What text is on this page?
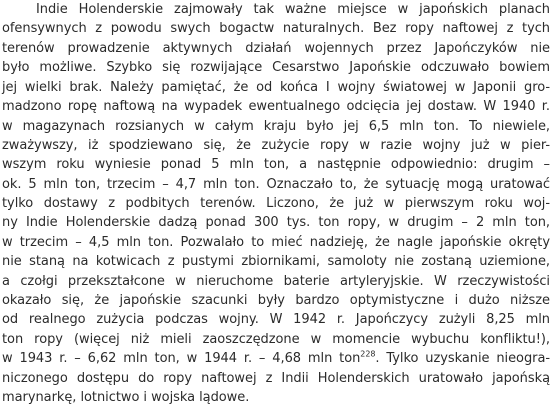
Indie Holenderskie zajmowały tak ważne miejsce w japońskich planach
ofensywnych z powodu swych bogactw naturalnych. Bez ropy naftowej z tych
terenów prowadzenie aktywnych działań wojennych przez Japończyków nie
było możliwe. Szybko się rozwijające Cesarstwo Japońskie odczuwało bowiem
jej wielki brak. Należy pamiętać, że od końca I wojny światowej w Japonii gro-
madzono ropę naftową na wypadek ewentualnego odcięcia jej dostaw. W 1940 r.
w magazynach rozsianych w całym kraju było jej 6,5 mln ton. To niewiele,
zważywszy, iż spodziewano się, że zużycie ropy w razie wojny już w pier-
wszym roku wyniesie ponad 5 mln ton, a następnie odpowiednio: drugim –
ok. 5 mln ton, trzecim – 4,7 mln ton. Oznaczało to, że sytuację mogą uratować
tylko dostawy z podbitych terenów. Liczono, że już w pierwszym roku woj-
ny Indie Holenderskie dadzą ponad 300 tys. ton ropy, w drugim – 2 mln ton,
w trzecim – 4,5 mln ton. Pozwalało to mieć nadzieję, że nagle japońskie okręty
nie staną na kotwicach z pustymi zbiornikami, samoloty nie zostaną uziemione,
a czołgi przekształcone w nieruchome baterie artyleryjskie. W rzeczywistości
okazało się, że japońskie szacunki były bardzo optymistyczne i dużo niższe
od realnego zużycia podczas wojny. W 1942 r. Japończycy zużyli 8,25 mln
ton ropy (więcej niż mieli zaoszczędzone w momencie wybuchu konfliktu!),
w 1943 r. – 6,62 mln ton, w 1944 r. – 4,68 mln ton$^{228}$. Tylko uzyskanie nieogra-
niczonego dostępu do ropy naftowej z Indii Holenderskich uratowało japońską
marynarkę, lotnictwo i wojska lądowe.
